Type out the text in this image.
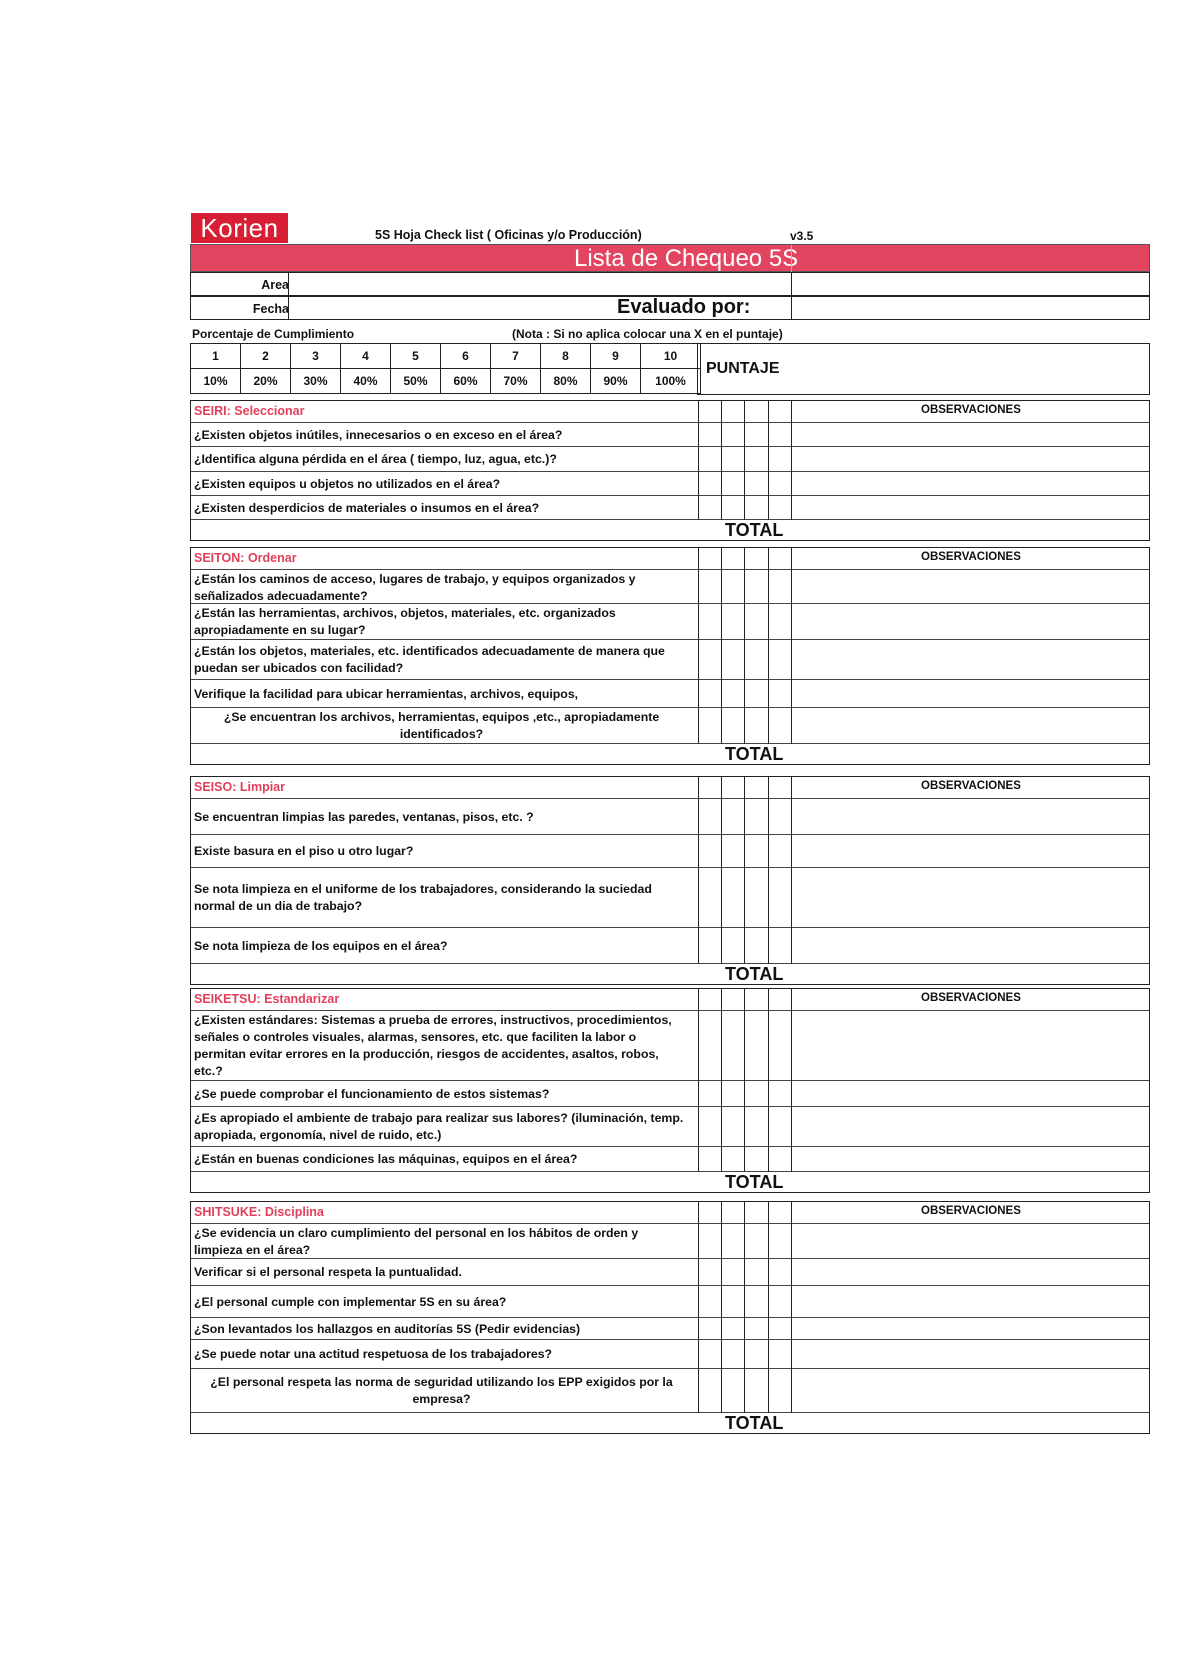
Korien	5S Hoja Check list ( Oficinas y/o Producción)	v3.5
Lista de Chequeo 5S
Area
Fecha	Evaluado por:
Porcentaje de Cumplimiento	(Nota : Si no aplica colocar una X en el puntaje)
1	2	3	4	5	6	7	8	9	10
10%	20%	30%	40%	50%	60%	70%	80%	90%	100%
PUNTAJE
SEIRI: Seleccionar	OBSERVACIONES
¿Existen objetos inútiles, innecesarios o en exceso en el área?
¿Identifica alguna pérdida en el área ( tiempo, luz, agua, etc.)?
¿Existen equipos u objetos no utilizados en el área?
¿Existen desperdicios de materiales o insumos en el área?
TOTAL
SEITON: Ordenar	OBSERVACIONES
¿Están los caminos de acceso, lugares de trabajo, y equipos organizados y señalizados adecuadamente?
¿Están las herramientas, archivos, objetos, materiales, etc. organizados apropiadamente en su lugar?
¿Están los objetos, materiales, etc. identificados adecuadamente de manera que puedan ser ubicados con facilidad?
Verifique la facilidad para ubicar herramientas, archivos, equipos,
¿Se encuentran los archivos, herramientas, equipos ,etc., apropiadamente identificados?
TOTAL
SEISO: Limpiar	OBSERVACIONES
Se encuentran limpias las paredes, ventanas, pisos, etc. ?
Existe basura en el piso u otro lugar?
Se nota limpieza en el uniforme de los trabajadores, considerando la suciedad normal de un dia de trabajo?
Se nota limpieza de los equipos en el área?
TOTAL
SEIKETSU: Estandarizar	OBSERVACIONES
¿Existen estándares: Sistemas a prueba de errores, instructivos, procedimientos, señales o controles visuales, alarmas, sensores, etc. que faciliten la labor o permitan evitar errores en la producción, riesgos de accidentes, asaltos, robos, etc.?
¿Se puede comprobar el funcionamiento de estos sistemas?
¿Es apropiado el ambiente de trabajo para realizar sus labores? (iluminación, temp. apropiada, ergonomía, nivel de ruido, etc.)
¿Están en buenas condiciones las máquinas, equipos en el área?
TOTAL
SHITSUKE: Disciplina	OBSERVACIONES
¿Se evidencia un claro cumplimiento del personal en los hábitos de orden y limpieza en el área?
Verificar si el personal respeta la puntualidad.
¿El personal cumple con implementar 5S en su área?
¿Son levantados los hallazgos en auditorías 5S (Pedir evidencias)
¿Se puede notar una actitud respetuosa de los trabajadores?
¿El personal respeta las norma de seguridad utilizando los EPP exigidos por la empresa?
TOTAL
